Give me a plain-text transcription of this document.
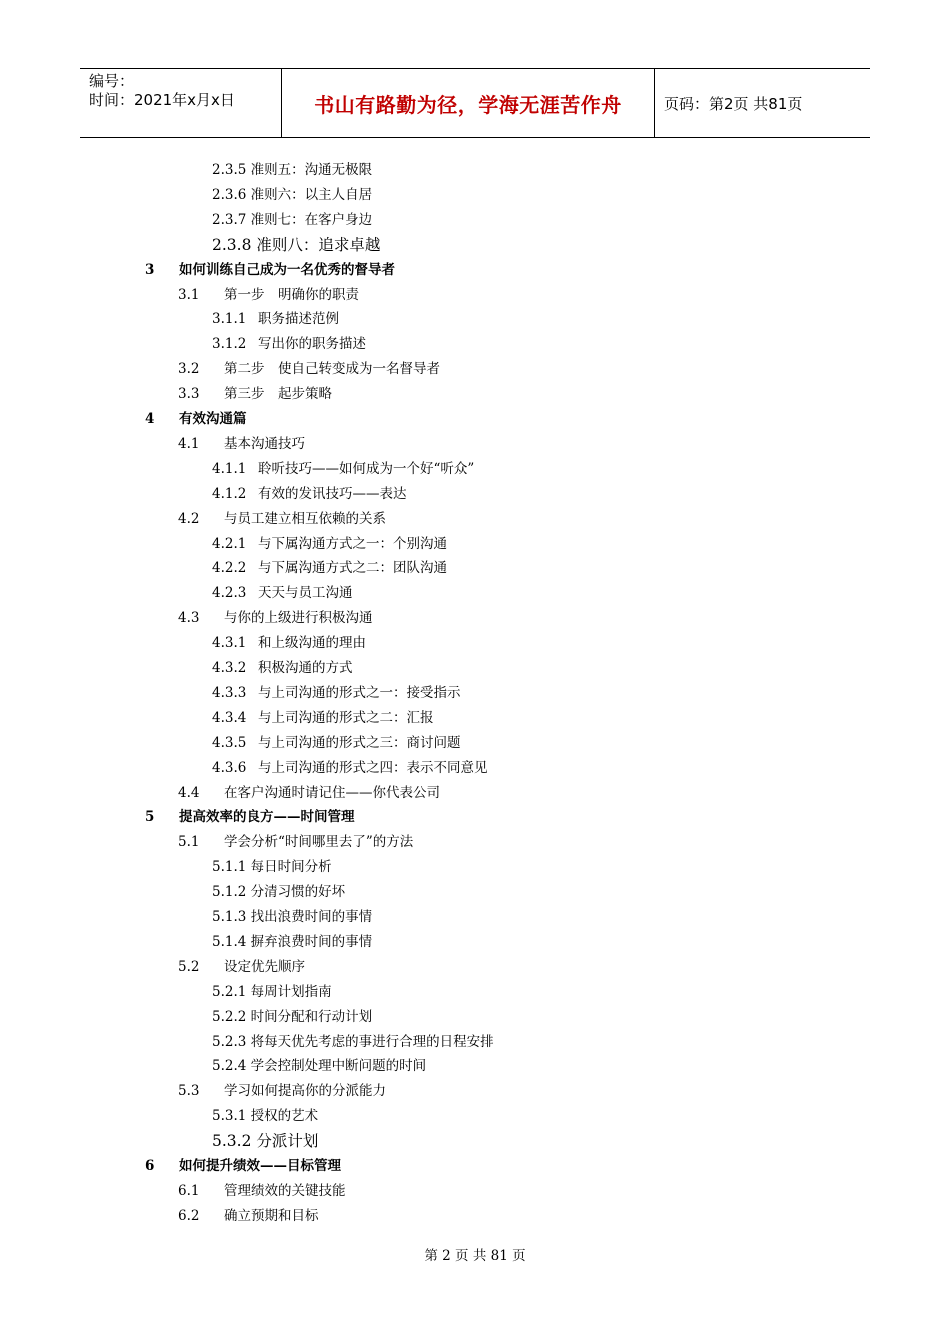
编号：
时间：2021年x月x日	书山有路勤为径，学海无涯苦作舟	页码：第2页 共81页
2.3.5 准则五：沟通无极限
2.3.6 准则六：以主人自居
2.3.7 准则七：在客户身边
2.3.8 准则八：追求卓越
3 如何训练自己成为一名优秀的督导者
3.1 第一步　明确你的职责
3.1.1 职务描述范例
3.1.2 写出你的职务描述
3.2 第二步　使自己转变成为一名督导者
3.3 第三步　起步策略
4 有效沟通篇
4.1 基本沟通技巧
4.1.1 聆听技巧——如何成为一个好“听众”
4.1.2 有效的发讯技巧——表达
4.2 与员工建立相互依赖的关系
4.2.1 与下属沟通方式之一：个别沟通
4.2.2 与下属沟通方式之二：团队沟通
4.2.3 天天与员工沟通
4.3 与你的上级进行积极沟通
4.3.1 和上级沟通的理由
4.3.2 积极沟通的方式
4.3.3 与上司沟通的形式之一：接受指示
4.3.4 与上司沟通的形式之二：汇报
4.3.5 与上司沟通的形式之三：商讨问题
4.3.6 与上司沟通的形式之四：表示不同意见
4.4 在客户沟通时请记住——你代表公司
5 提高效率的良方——时间管理
5.1 学会分析“时间哪里去了”的方法
5.1.1 每日时间分析
5.1.2 分清习惯的好坏
5.1.3 找出浪费时间的事情
5.1.4 摒弃浪费时间的事情
5.2 设定优先顺序
5.2.1 每周计划指南
5.2.2 时间分配和行动计划
5.2.3 将每天优先考虑的事进行合理的日程安排
5.2.4 学会控制处理中断问题的时间
5.3 学习如何提高你的分派能力
5.3.1 授权的艺术
5.3.2 分派计划
6 如何提升绩效——目标管理
6.1 管理绩效的关键技能
6.2 确立预期和目标
第 2 页 共 81 页
